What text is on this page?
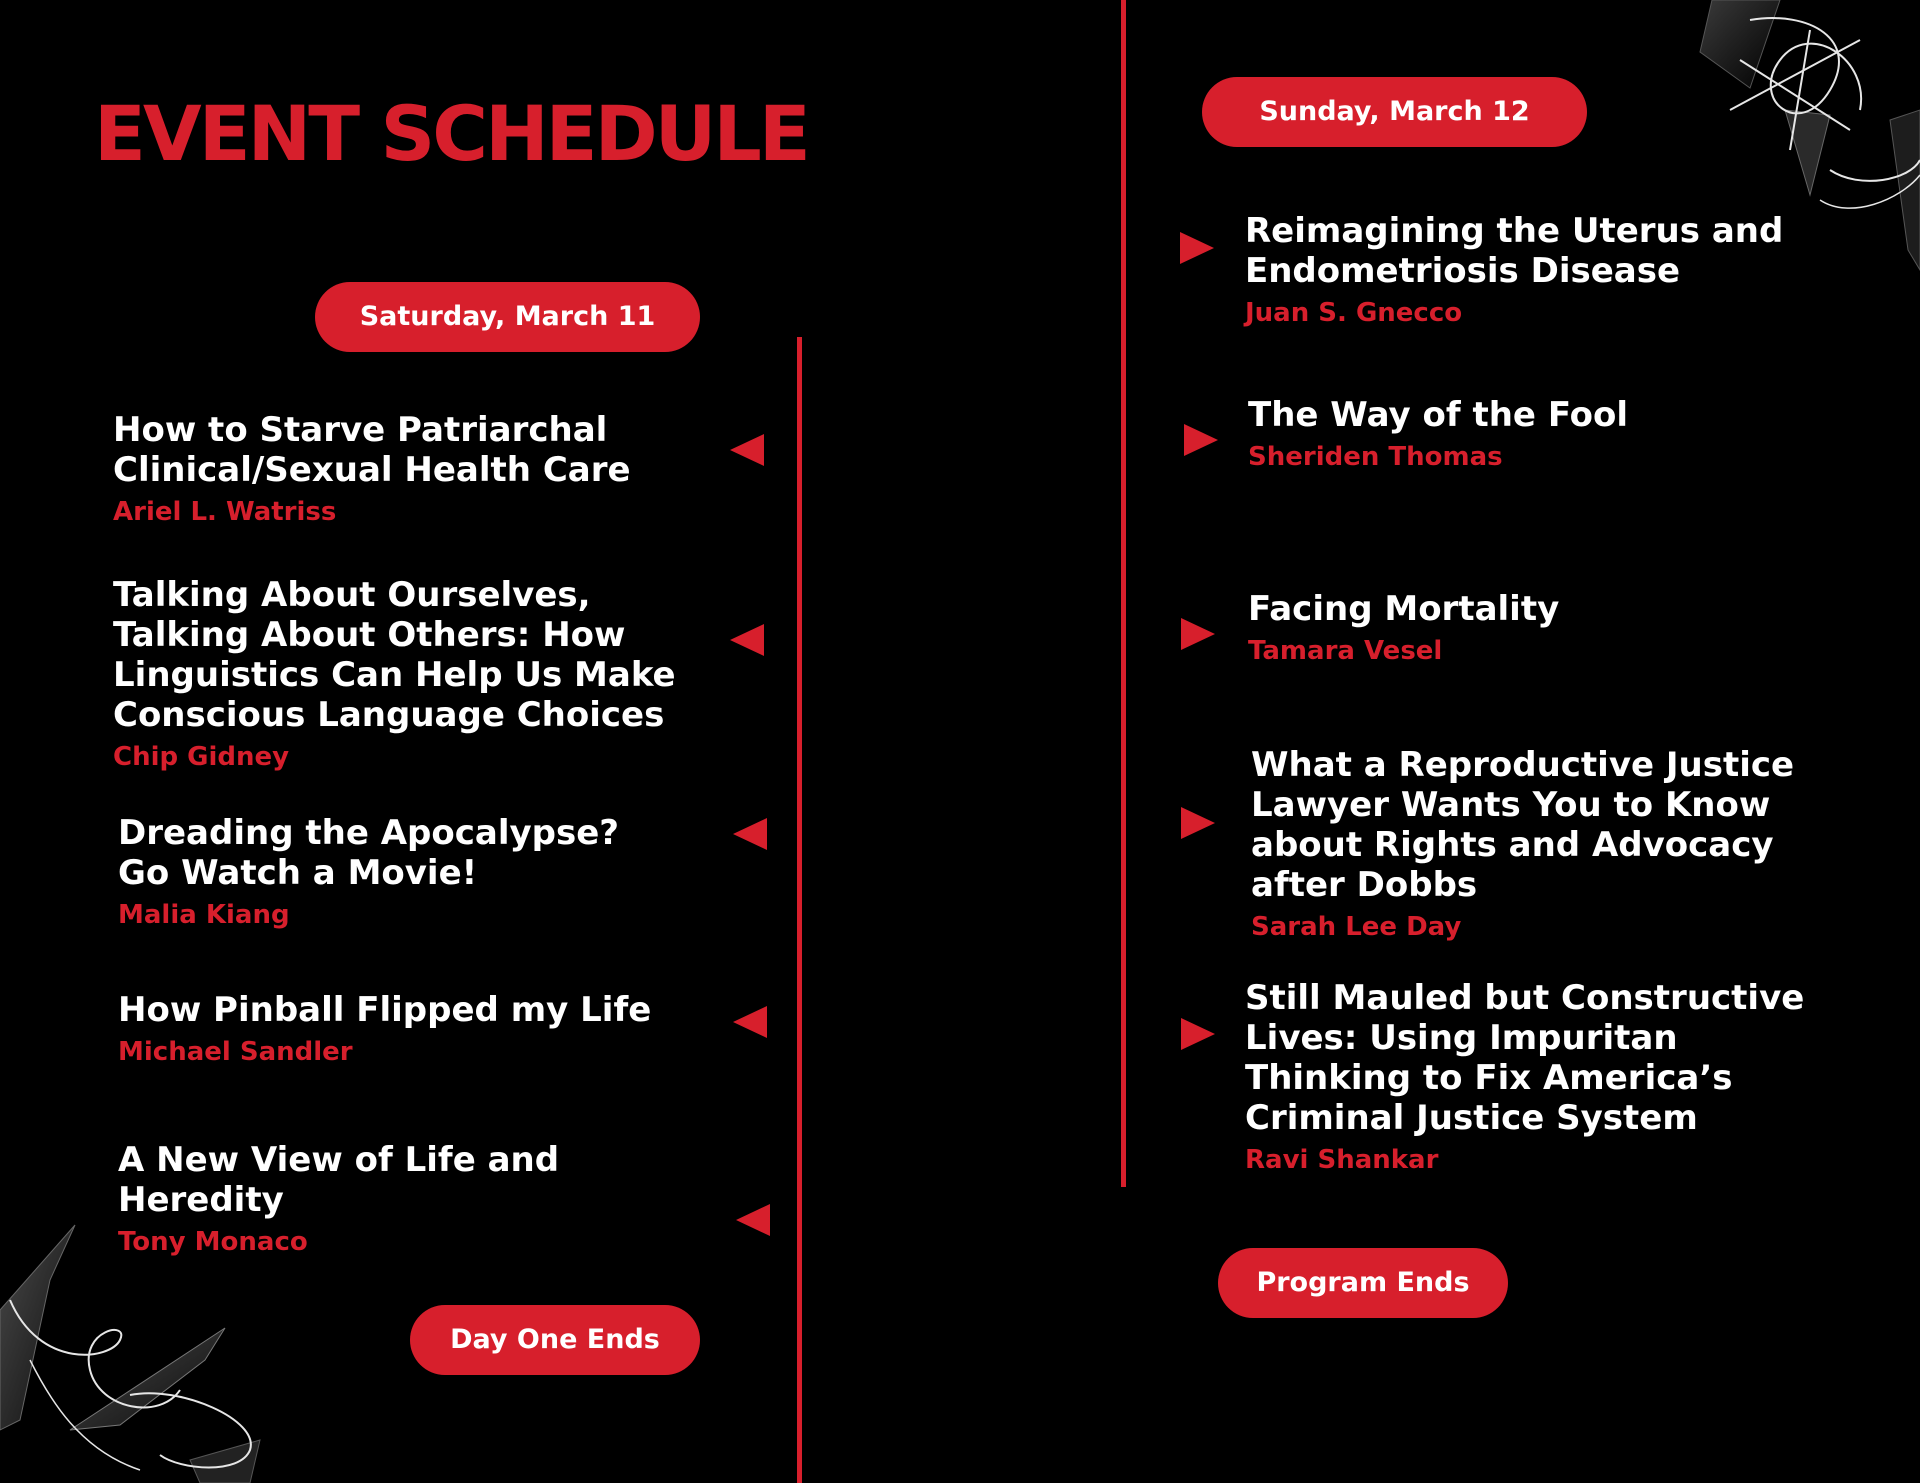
EVENT SCHEDULE
Saturday, March 11
Sunday, March 12
Day One Ends
Program Ends
How to Starve Patriarchal
Clinical/Sexual Health Care
Ariel L. Watriss
Talking About Ourselves,
Talking About Others: How
Linguistics Can Help Us Make
Conscious Language Choices
Chip Gidney
Dreading the Apocalypse?
Go Watch a Movie!
Malia Kiang
How Pinball Flipped my Life
Michael Sandler
A New View of Life and
Heredity
Tony Monaco
Reimagining the Uterus and
Endometriosis Disease
Juan S. Gnecco
The Way of the Fool
Sheriden Thomas
Facing Mortality
Tamara Vesel
What a Reproductive Justice
Lawyer Wants You to Know
about Rights and Advocacy
after Dobbs
Sarah Lee Day
Still Mauled but Constructive
Lives: Using Impuritan
Thinking to Fix America’s
Criminal Justice System
Ravi Shankar
